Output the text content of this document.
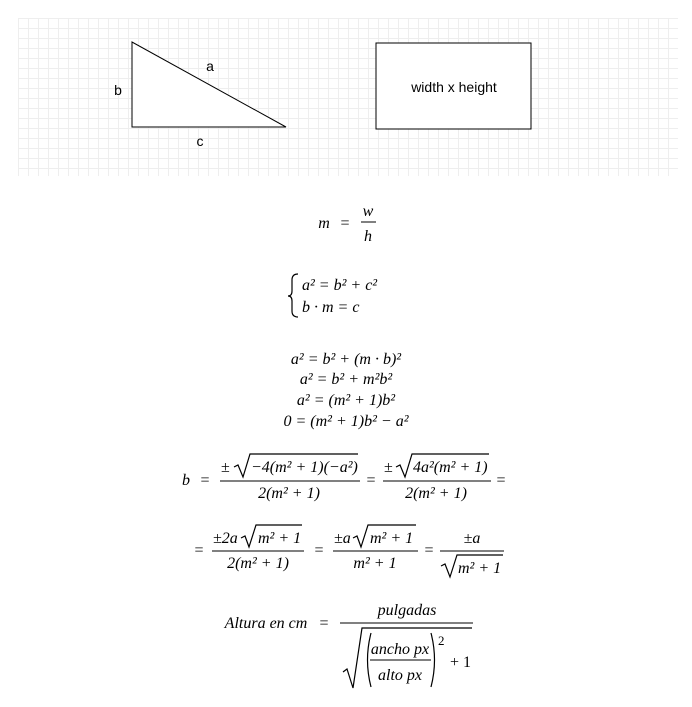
a
b
c
width x height
m =
w
h
a² = b² + c²
b · m = c
a² = b² + (m · b)²
a² = b² + m²b²
a² = (m² + 1)b²
0 = (m² + 1)b² − a²
b =
± −4(m² + 1)(−a²)
2(m² + 1)
=
± 4a²(m² + 1)
2(m² + 1)
=
=
±2a m² + 1
2(m² + 1)
=
±a m² + 1
m² + 1
=
±a
m² + 1
Altura en cm =
pulgadas
ancho px
alto px
2
+ 1
